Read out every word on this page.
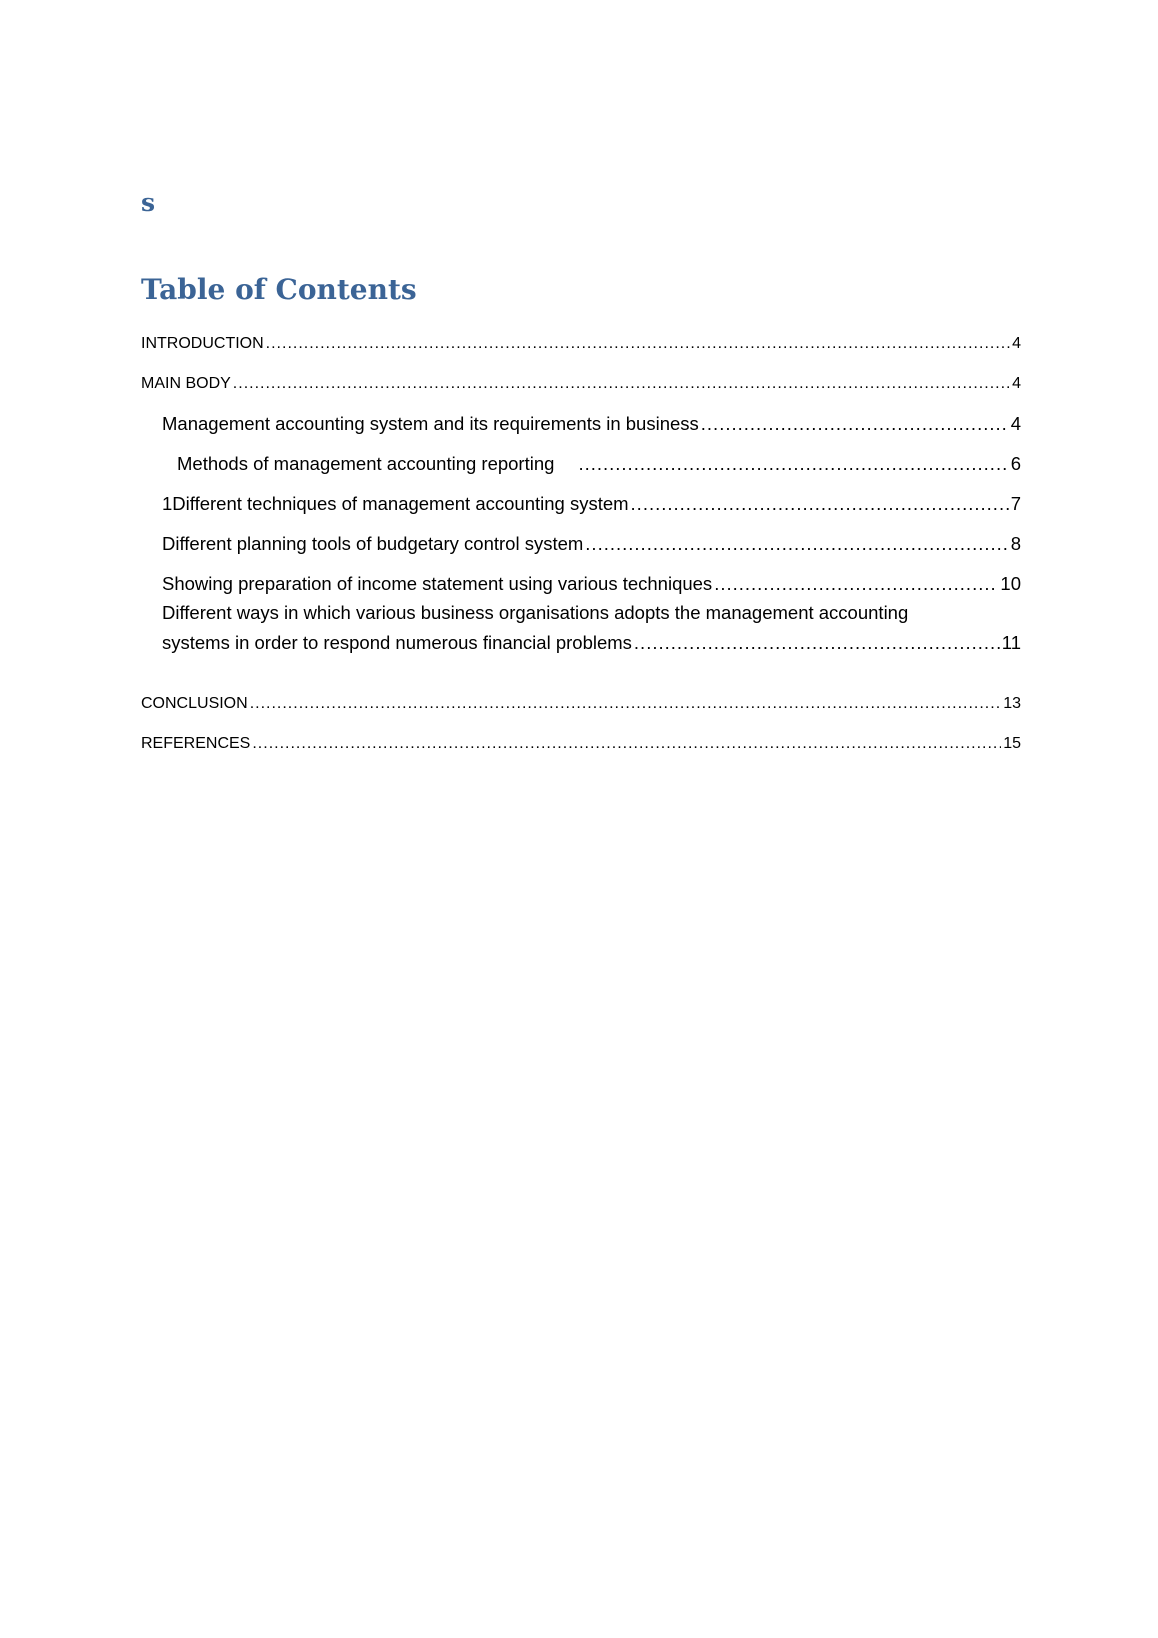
s
Table of Contents
INTRODUCTION .....	4
MAIN BODY .....	4
Management accounting system and its requirements in business .....	4
Methods of management accounting reporting .....	6
1Different techniques of management accounting system .....	7
Different planning tools of budgetary control system .....	8
Showing preparation of income statement using various techniques .....	10
Different ways in which various business organisations adopts the management accounting
systems in order to respond numerous financial problems .....	11
CONCLUSION .....	13
REFERENCES .....	15
